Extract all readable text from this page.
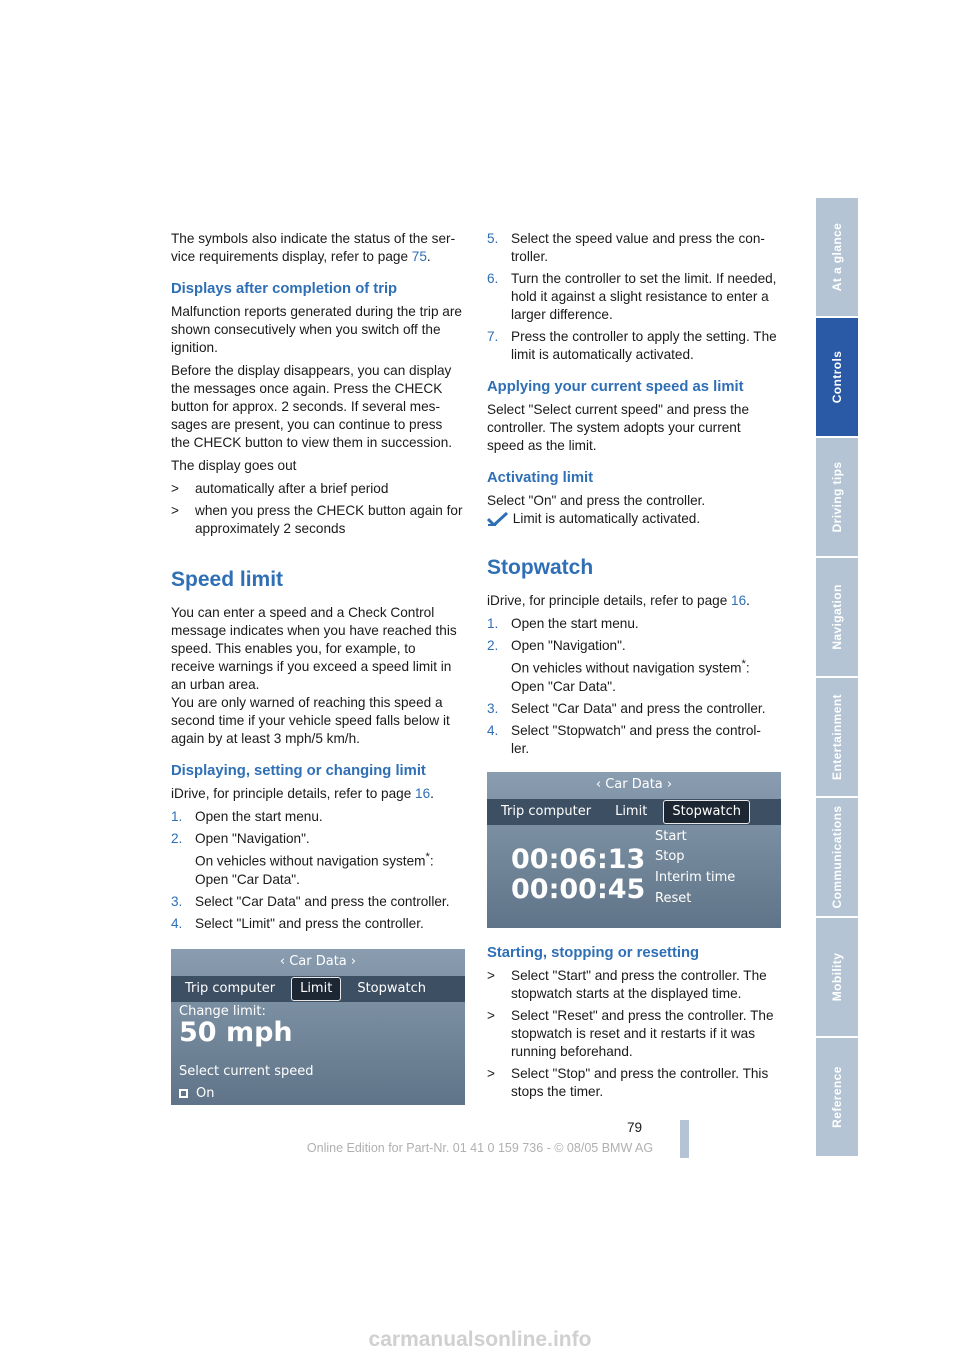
The symbols also indicate the status of the ser- vice requirements display, refer to page 75.
Displays after completion of trip
Malfunction reports generated during the trip are shown consecutively when you switch off the ignition.
Before the display disappears, you can display the messages once again. Press the CHECK button for approx. 2 seconds. If several mes-sages are present, you can continue to press the CHECK button to view them in succession.
The display goes out
>	automatically after a brief period
>	when you press the CHECK button again for approximately 2 seconds
Speed limit
You can enter a speed and a Check Control message indicates when you have reached this speed. This enables you, for example, to receive warnings if you exceed a speed limit in an urban area.
You are only warned of reaching this speed a second time if your vehicle speed falls below it again by at least 3 mph/5 km/h.
Displaying, setting or changing limit
iDrive, for principle details, refer to page 16.
1. Open the start menu.
2. Open "Navigation".
On vehicles without navigation system*:
Open "Car Data".
3. Select "Car Data" and press the controller.
4. Select "Limit" and press the controller.
‹ Car Data ›
Trip computer	Limit	Stopwatch
Change limit:
50 mph
Select current speed
On
5. Select the speed value and press the con-troller.
6. Turn the controller to set the limit. If needed, hold it against a slight resistance to enter a larger difference.
7. Press the controller to apply the setting. The limit is automatically activated.
Applying your current speed as limit
Select "Select current speed" and press the controller. The system adopts your current speed as the limit.
Activating limit
Select "On" and press the controller.
Limit is automatically activated.
Stopwatch
iDrive, for principle details, refer to page 16.
1. Open the start menu.
2. Open "Navigation".
On vehicles without navigation system*:
Open "Car Data".
3. Select "Car Data" and press the controller.
4. Select "Stopwatch" and press the control-ler.
‹ Car Data ›
Trip computer	Limit	Stopwatch
00:06:13
00:00:45
Start
Stop
Interim time
Reset
Starting, stopping or resetting
>	Select "Start" and press the controller. The stopwatch starts at the displayed time.
>	Select "Reset" and press the controller. The stopwatch is reset and it restarts if it was running beforehand.
>	Select "Stop" and press the controller. This stops the timer.
At a glance
Controls
Driving tips
Navigation
Entertainment
Communications
Mobility
Reference
79
Online Edition for Part-Nr. 01 41 0 159 736 - © 08/05 BMW AG
carmanualsonline.info
